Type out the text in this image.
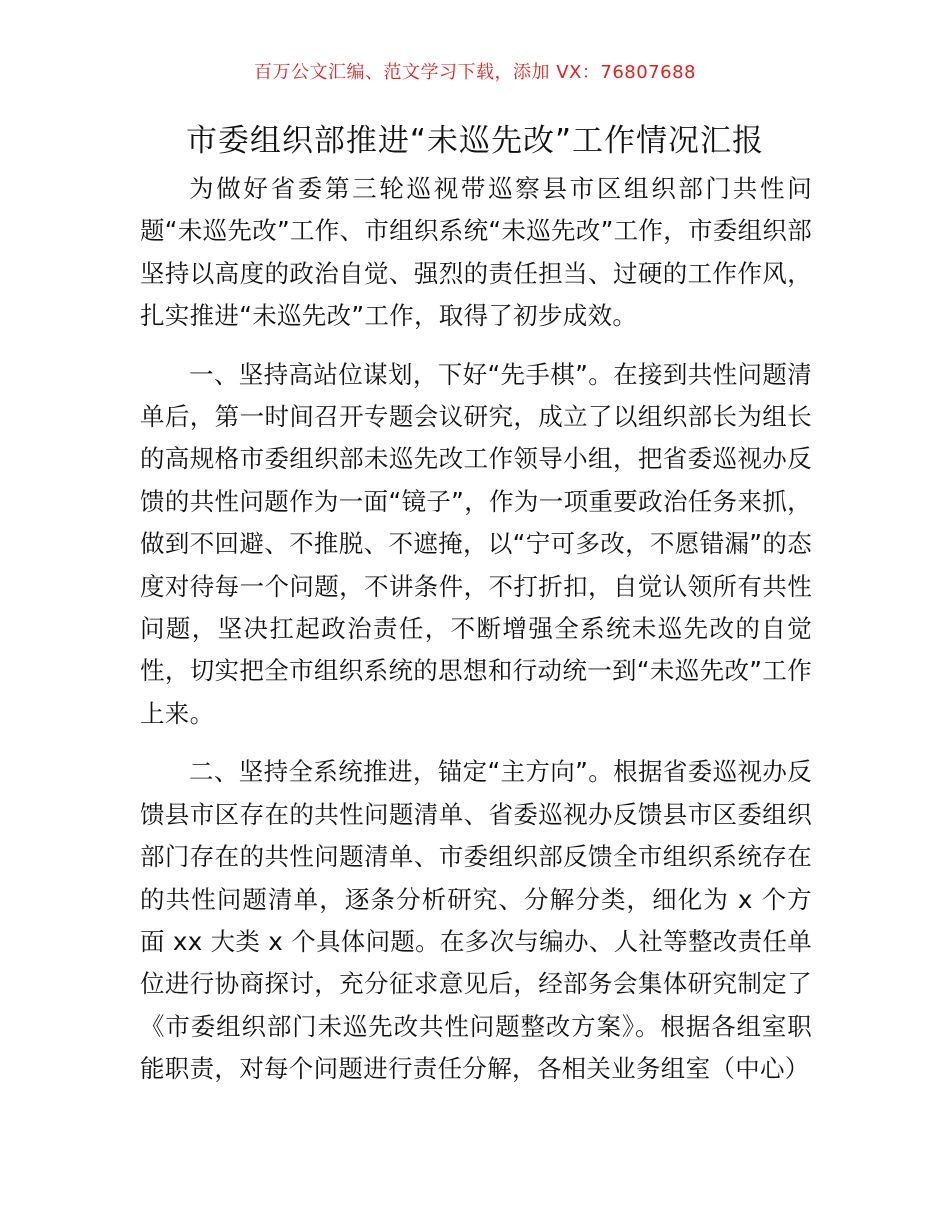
百万公文汇编、范文学习下载，添加 VX：76807688
市委组织部推进“未巡先改”工作情况汇报

为做好省委第三轮巡视带巡察县市区组织部门共性问题“未巡先改”工作、市组织系统“未巡先改”工作，市委组织部坚持以高度的政治自觉、强烈的责任担当、过硬的工作作风，扎实推进“未巡先改”工作，取得了初步成效。

一、坚持高站位谋划，下好“先手棋”。在接到共性问题清单后，第一时间召开专题会议研究，成立了以组织部长为组长的高规格市委组织部未巡先改工作领导小组，把省委巡视办反馈的共性问题作为一面“镜子”，作为一项重要政治任务来抓，做到不回避、不推脱、不遮掩，以“宁可多改，不愿错漏”的态度对待每一个问题，不讲条件，不打折扣，自觉认领所有共性问题，坚决扛起政治责任，不断增强全系统未巡先改的自觉性，切实把全市组织系统的思想和行动统一到“未巡先改”工作上来。

二、坚持全系统推进，锚定“主方向”。根据省委巡视办反馈县市区存在的共性问题清单、省委巡视办反馈县市区委组织部门存在的共性问题清单、市委组织部反馈全市组织系统存在的共性问题清单，逐条分析研究、分解分类，细化为 x 个方面 xx 大类 x 个具体问题。在多次与编办、人社等整改责任单位进行协商探讨，充分征求意见后，经部务会集体研究制定了《市委组织部门未巡先改共性问题整改方案》。根据各组室职能职责，对每个问题进行责任分解，各相关业务组室（中心）
